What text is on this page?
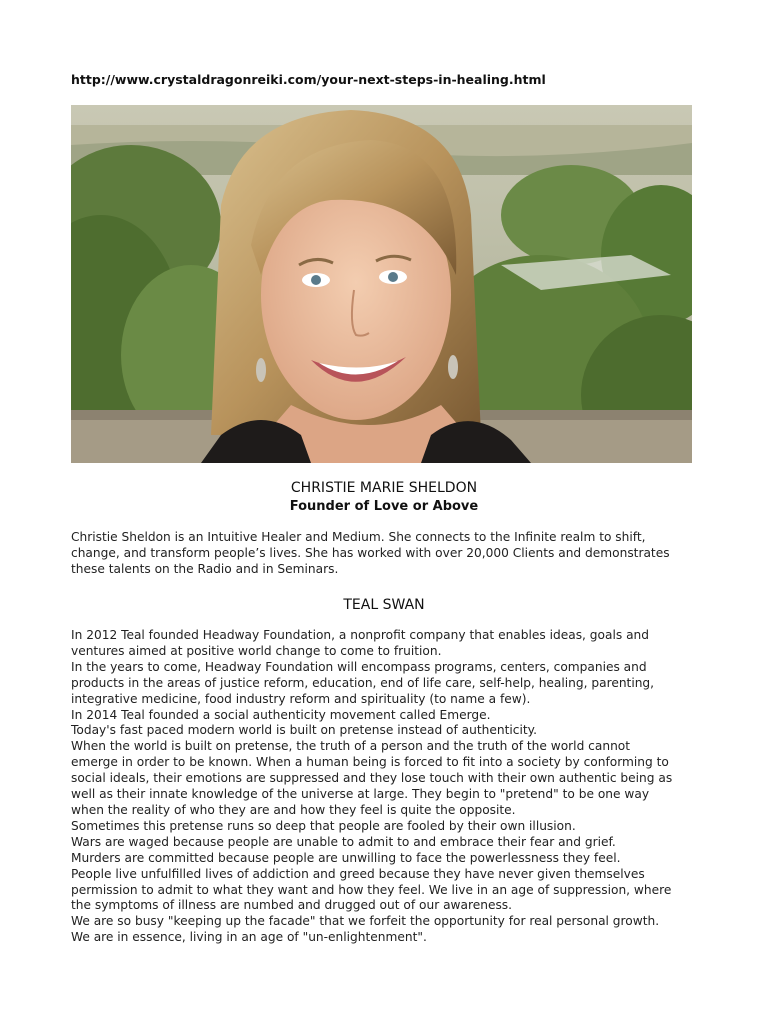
http://www.crystaldragonreiki.com/your-next-steps-in-healing.html
CHRISTIE MARIE SHELDON
Founder of Love or Above

Christie Sheldon is an Intuitive Healer and Medium. She connects to the Infinite realm to shift,

change, and transform people’s lives. She has worked with over 20,000 Clients and demonstrates

these talents on the Radio and in Seminars.

TEAL SWAN

In 2012 Teal founded Headway Foundation, a nonprofit company that enables ideas, goals and

ventures aimed at positive world change to come to fruition.

In the years to come, Headway Foundation will encompass programs, centers, companies and

products in the areas of justice reform, education, end of life care, self-help, healing, parenting,

integrative medicine, food industry reform and spirituality (to name a few).

In 2014 Teal founded a social authenticity movement called Emerge.

Today's fast paced modern world is built on pretense instead of authenticity.

When the world is built on pretense, the truth of a person and the truth of the world cannot

emerge in order to be known. When a human being is forced to fit into a society by conforming to

social ideals, their emotions are suppressed and they lose touch with their own authentic being as

well as their innate knowledge of the universe at large. They begin to "pretend" to be one way

when the reality of who they are and how they feel is quite the opposite.

Sometimes this pretense runs so deep that people are fooled by their own illusion.

Wars are waged because people are unable to admit to and embrace their fear and grief.

Murders are committed because people are unwilling to face the powerlessness they feel.

People live unfulfilled lives of addiction and greed because they have never given themselves

permission to admit to what they want and how they feel. We live in an age of suppression, where

the symptoms of illness are numbed and drugged out of our awareness.

We are so busy "keeping up the facade" that we forfeit the opportunity for real personal growth.

We are in essence, living in an age of "un-enlightenment".
